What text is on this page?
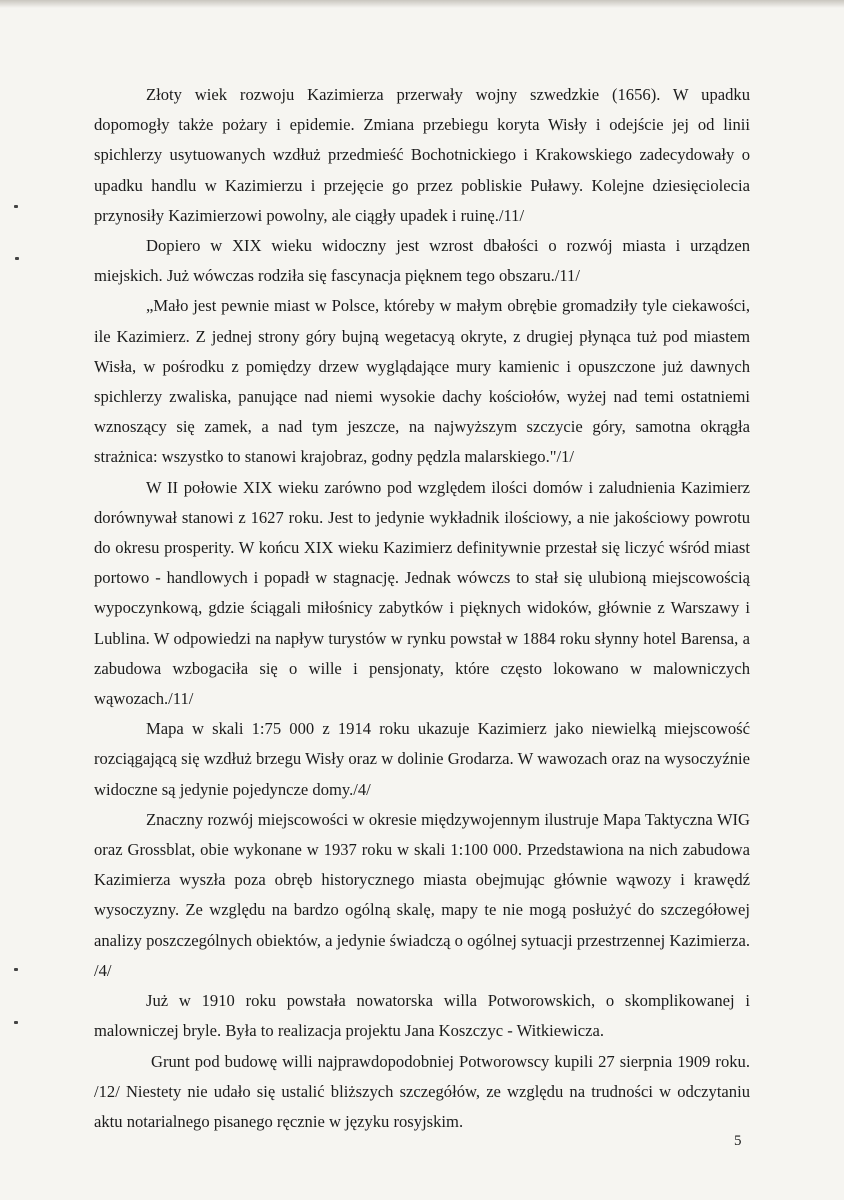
Złoty wiek rozwoju Kazimierza przerwały wojny szwedzkie (1656). W upadku dopomogły także pożary i epidemie. Zmiana przebiegu koryta Wisły i odejście jej od linii spichlerzy usytuowanych wzdłuż przedmieść Bochotnickiego i Krakowskiego zadecydowały o upadku handlu w Kazimierzu i przejęcie go przez pobliskie Puławy. Kolejne dziesięciolecia przynosiły Kazimierzowi powolny, ale ciągły upadek i ruinę./11/

Dopiero w XIX wieku widoczny jest wzrost dbałości o rozwój miasta i urządzen miejskich. Już wówczas rodziła się fascynacja pięknem tego obszaru./11/

„Mało jest pewnie miast w Polsce, któreby w małym obrębie gromadziły tyle ciekawości, ile Kazimierz. Z jednej strony góry bujną wegetacyą okryte, z drugiej płynąca tuż pod miastem Wisła, w pośrodku z pomiędzy drzew wyglądające mury kamienic i opuszczone już dawnych spichlerzy zwaliska, panujące nad niemi wysokie dachy kościołów, wyżej nad temi ostatniemi wznoszący się zamek, a nad tym jeszcze, na najwyższym szczycie góry, samotna okrągła strażnica: wszystko to stanowi krajobraz, godny pędzla malarskiego."/1/

W II połowie XIX wieku zarówno pod względem ilości domów i zaludnienia Kazimierz dorównywał stanowi z 1627 roku. Jest to jedynie wykładnik ilościowy, a nie jakościowy powrotu do okresu prosperity. W końcu XIX wieku Kazimierz definitywnie przestał się liczyć wśród miast portowo - handlowych i popadł w stagnację. Jednak wówczs to stał się ulubioną miejscowością wypoczynkową, gdzie ściągali miłośnicy zabytków i pięknych widoków, głównie z Warszawy i Lublina. W odpowiedzi na napływ turystów w rynku powstał w 1884 roku słynny hotel Barensa, a zabudowa wzbogaciła się o wille i pensjonaty, które często lokowano w malowniczych wąwozach./11/

Mapa w skali 1:75 000 z 1914 roku ukazuje Kazimierz jako niewielką miejscowość rozciągającą się wzdłuż brzegu Wisły oraz w dolinie Grodarza. W wawozach oraz na wysoczyźnie widoczne są jedynie pojedyncze domy./4/

Znaczny rozwój miejscowości w okresie międzywojennym ilustruje Mapa Taktyczna WIG oraz Grossblat, obie wykonane w 1937 roku w skali 1:100 000. Przedstawiona na nich zabudowa Kazimierza wyszła poza obręb historycznego miasta obejmując głównie wąwozy i krawędź wysoczyzny. Ze względu na bardzo ogólną skalę, mapy te nie mogą posłużyć do szczegółowej analizy poszczególnych obiektów, a jedynie świadczą o ogólnej sytuacji przestrzennej Kazimierza. /4/

Już w 1910 roku powstała nowatorska willa Potworowskich, o skomplikowanej i malowniczej bryle. Była to realizacja projektu Jana Koszczyc - Witkiewicza.

Grunt pod budowę willi najprawdopodobniej Potworowscy kupili 27 sierpnia 1909 roku. /12/ Niestety nie udało się ustalić bliższych szczegółów, ze względu na trudności w odczytaniu aktu notarialnego pisanego ręcznie w języku rosyjskim.

5
